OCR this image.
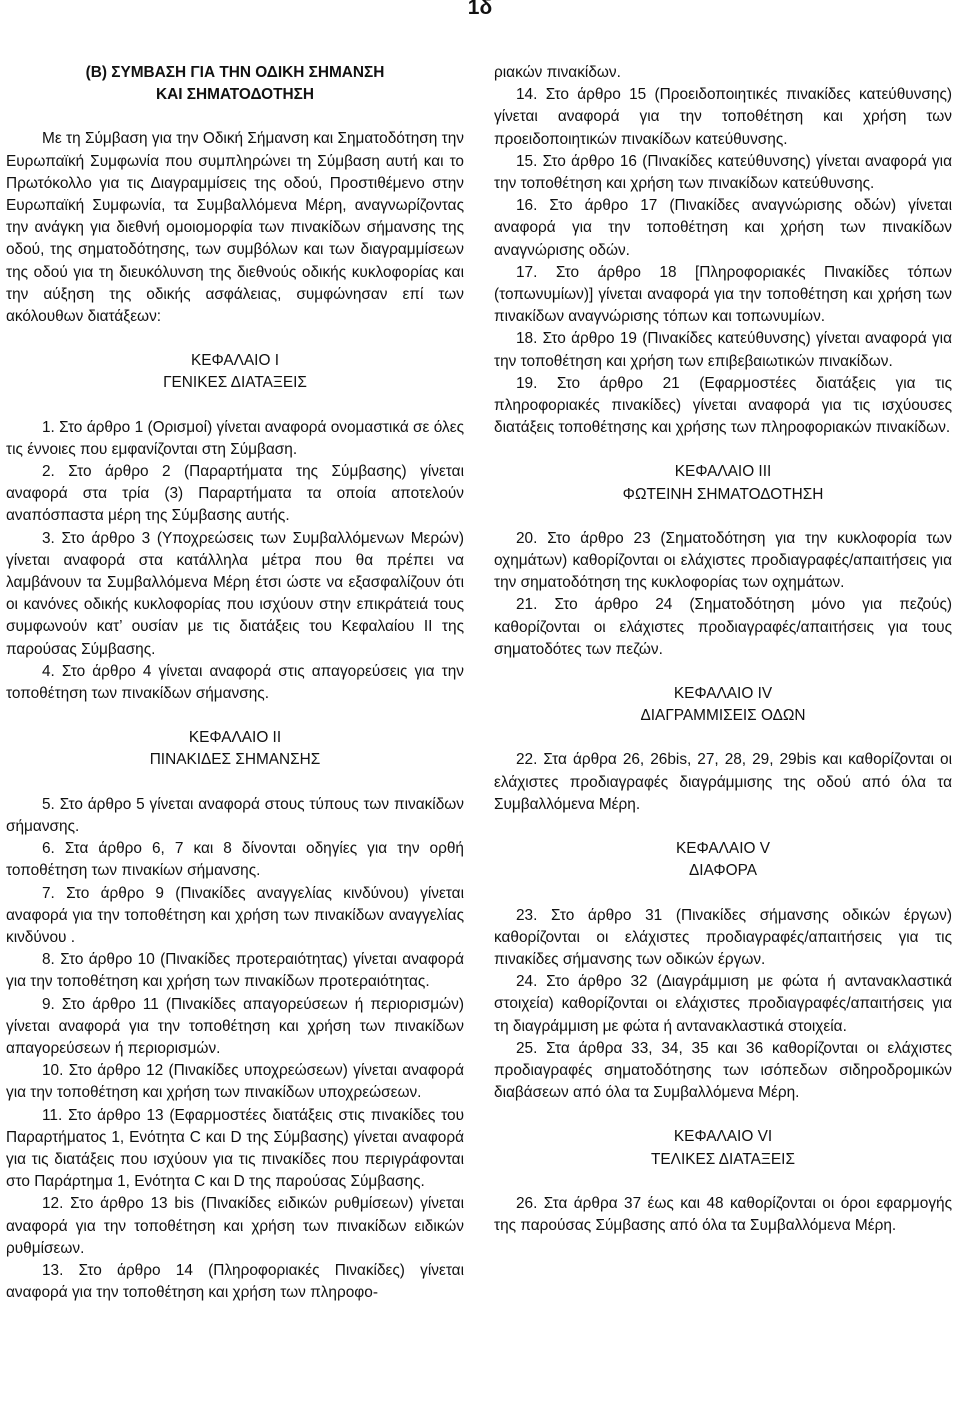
1δ
(Β) ΣΥΜΒΑΣΗ ΓΙΑ ΤΗΝ ΟΔΙΚΗ ΣΗΜΑΝΣΗ
ΚΑΙ ΣΗΜΑΤΟΔΟΤΗΣΗ

Με τη Σύμβαση για την Οδική Σήμανση και Σηματοδότηση την Ευρωπαϊκή Συμφωνία που συμπληρώνει τη Σύμβαση αυτή και το Πρωτόκολλο για τις Διαγραμμίσεις της οδού, Προστιθέμενο στην Ευρωπαϊκή Συμφωνία, τα Συμβαλλόμενα Μέρη, αναγνωρίζοντας την ανάγκη για διεθνή ομοιομορφία των πινακίδων σήμανσης της οδού, της σηματοδότησης, των συμβόλων και των διαγραμμίσεων της οδού για τη διευκόλυνση της διεθνούς οδικής κυκλοφορίας και την αύξηση της οδικής ασφάλειας, συμφώνησαν επί των ακόλουθων διατάξεων:

ΚΕΦΑΛΑΙΟ Ι
ΓΕΝΙΚΕΣ ΔΙΑΤΑΞΕΙΣ

1. Στο άρθρο 1 (Ορισμοί) γίνεται αναφορά ονομαστικά σε όλες τις έννοιες που εμφανίζονται στη Σύμβαση.

2. Στο άρθρο 2 (Παραρτήματα της Σύμβασης) γίνεται αναφορά στα τρία (3) Παραρτήματα τα οποία αποτελούν αναπόσπαστα μέρη της Σύμβασης αυτής.

3. Στο άρθρο 3 (Υποχρεώσεις των Συμβαλλόμενων Μερών) γίνεται αναφορά στα κατάλληλα μέτρα που θα πρέπει να λαμβάνουν τα Συμβαλλόμενα Μέρη έτσι ώστε να εξασφαλίζουν ότι οι κανόνες οδικής κυκλοφορίας που ισχύουν στην επικράτειά τους συμφωνούν κατ’ ουσίαν με τις διατάξεις του Κεφαλαίου ΙΙ της παρούσας Σύμβασης.

4. Στο άρθρο 4 γίνεται αναφορά στις απαγορεύσεις για την τοποθέτηση των πινακίδων σήμανσης.

ΚΕΦΑΛΑΙΟ ΙΙ
ΠΙΝΑΚΙΔΕΣ ΣΗΜΑΝΣΗΣ

5. Στο άρθρο 5 γίνεται αναφορά στους τύπους των πινακίδων σήμανσης.

6. Στα άρθρο 6, 7 και 8 δίνονται οδηγίες για την ορθή τοποθέτηση των πινακίων σήμανσης.

7. Στο άρθρο 9 (Πινακίδες αναγγελίας κινδύνου) γίνεται αναφορά για την τοποθέτηση και χρήση των πινακίδων αναγγελίας κινδύνου .

8. Στο άρθρο 10 (Πινακίδες προτεραιότητας) γίνεται αναφορά για την τοποθέτηση και χρήση των πινακίδων προτεραιότητας.

9. Στο άρθρο 11 (Πινακίδες απαγορεύσεων ή περιορισμών) γίνεται αναφορά για την τοποθέτηση και χρήση των πινακίδων απαγορεύσεων ή περιορισμών.

10. Στο άρθρο 12 (Πινακίδες υποχρεώσεων) γίνεται αναφορά για την τοποθέτηση και χρήση των πινακίδων υποχρεώσεων.

11. Στο άρθρο 13 (Εφαρμοστέες διατάξεις στις πινακίδες του Παραρτήματος 1, Ενότητα C και D της Σύμβασης) γίνεται αναφορά για τις διατάξεις που ισχύουν για τις πινακίδες που περιγράφονται στο Παράρτημα 1, Ενότητα C και D της παρούσας Σύμβασης.

12. Στο άρθρο 13 bis (Πινακίδες ειδικών ρυθμίσεων) γίνεται αναφορά για την τοποθέτηση και χρήση των πινακίδων ειδικών ρυθμίσεων.

13. Στο άρθρο 14 (Πληροφοριακές Πινακίδες) γίνεται αναφορά για την τοποθέτηση και χρήση των πληροφο-

ριακών πινακίδων.

14. Στο άρθρο 15 (Προειδοποιητικές πινακίδες κατεύθυνσης) γίνεται αναφορά για την τοποθέτηση και χρήση των προειδοποιητικών πινακίδων κατεύθυνσης.

15. Στο άρθρο 16 (Πινακίδες κατεύθυνσης) γίνεται αναφορά για την τοποθέτηση και χρήση των πινακίδων κατεύθυνσης.

16. Στο άρθρο 17 (Πινακίδες αναγνώρισης οδών) γίνεται αναφορά για την τοποθέτηση και χρήση των πινακίδων αναγνώρισης οδών.

17. Στο άρθρο 18 [Πληροφοριακές Πινακίδες τόπων (τοπωνυμίων)] γίνεται αναφορά για την τοποθέτηση και χρήση των πινακίδων αναγνώρισης τόπων και τοπωνυμίων.

18. Στο άρθρο 19 (Πινακίδες κατεύθυνσης) γίνεται αναφορά για την τοποθέτηση και χρήση των επιβεβαιωτικών πινακίδων.

19. Στο άρθρο 21 (Εφαρμοστέες διατάξεις για τις πληροφοριακές πινακίδες) γίνεται αναφορά για τις ισχύουσες διατάξεις τοποθέτησης και χρήσης των πληροφοριακών πινακίδων.

ΚΕΦΑΛΑΙΟ ΙΙΙ
ΦΩΤΕΙΝΗ ΣΗΜΑΤΟΔΟΤΗΣΗ

20. Στο άρθρο 23 (Σηματοδότηση για την κυκλοφορία των οχημάτων) καθορίζονται οι ελάχιστες προδιαγραφές/απαιτήσεις για την σηματοδότηση της κυκλοφορίας των οχημάτων.

21. Στο άρθρο 24 (Σηματοδότηση μόνο για πεζούς) καθορίζονται οι ελάχιστες προδιαγραφές/απαιτήσεις για τους σηματοδότες των πεζών.

ΚΕΦΑΛΑΙΟ IV
ΔΙΑΓΡΑΜΜΙΣΕΙΣ ΟΔΩΝ

22. Στα άρθρα 26, 26bis, 27, 28, 29, 29bis και καθορίζονται οι ελάχιστες προδιαγραφές διαγράμμισης της οδού από όλα τα Συμβαλλόμενα Μέρη.

ΚΕΦΑΛΑΙΟ V
ΔΙΑΦΟΡΑ

23. Στο άρθρο 31 (Πινακίδες σήμανσης οδικών έργων) καθορίζονται οι ελάχιστες προδιαγραφές/απαιτήσεις για τις πινακίδες σήμανσης των οδικών έργων.

24. Στο άρθρο 32 (Διαγράμμιση με φώτα ή αντανακλαστικά στοιχεία) καθορίζονται οι ελάχιστες προδιαγραφές/απαιτήσεις για τη διαγράμμιση με φώτα ή αντανακλαστικά στοιχεία.

25. Στα άρθρα 33, 34, 35 και 36 καθορίζονται οι ελάχιστες προδιαγραφές σηματοδότησης των ισόπεδων σιδηροδρομικών διαβάσεων από όλα τα Συμβαλλόμενα Μέρη.

ΚΕΦΑΛΑΙΟ VI
ΤΕΛΙΚΕΣ ΔΙΑΤΑΞΕΙΣ

26. Στα άρθρα 37 έως και 48 καθορίζονται οι όροι εφαρμογής της παρούσας Σύμβασης από όλα τα Συμβαλλόμενα Μέρη.
